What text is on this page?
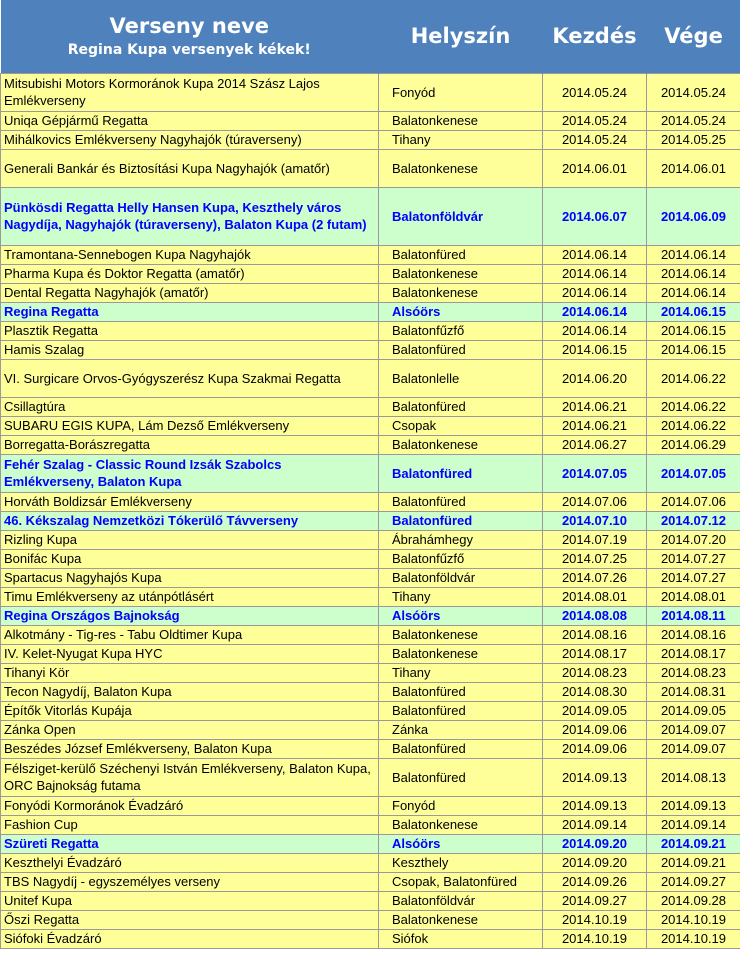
Verseny neve
Regina Kupa versenyek kékek!	Helyszín	Kezdés	Vége
Mitsubishi Motors Kormoránok Kupa 2014 Szász Lajos Emlékverseny	Fonyód	2014.05.24	2014.05.24
Uniqa Gépjármű Regatta	Balatonkenese	2014.05.24	2014.05.24
Mihálkovics Emlékverseny Nagyhajók (túraverseny)	Tihany	2014.05.24	2014.05.25
Generali Bankár és Biztosítási Kupa Nagyhajók (amatőr)	Balatonkenese	2014.06.01	2014.06.01
Pünkösdi Regatta Helly Hansen Kupa, Keszthely város Nagydíja, Nagyhajók (túraverseny), Balaton Kupa (2 futam)	Balatonföldvár	2014.06.07	2014.06.09
Tramontana-Sennebogen Kupa Nagyhajók	Balatonfüred	2014.06.14	2014.06.14
Pharma Kupa és Doktor Regatta (amatőr)	Balatonkenese	2014.06.14	2014.06.14
Dental Regatta Nagyhajók (amatőr)	Balatonkenese	2014.06.14	2014.06.14
Regina Regatta	Alsóörs	2014.06.14	2014.06.15
Plasztik Regatta	Balatonfűzfő	2014.06.14	2014.06.15
Hamis Szalag	Balatonfüred	2014.06.15	2014.06.15
VI. Surgicare Orvos-Gyógyszerész Kupa Szakmai Regatta	Balatonlelle	2014.06.20	2014.06.22
Csillagtúra	Balatonfüred	2014.06.21	2014.06.22
SUBARU EGIS KUPA, Lám Dezső Emlékverseny	Csopak	2014.06.21	2014.06.22
Borregatta-Borászregatta	Balatonkenese	2014.06.27	2014.06.29
Fehér Szalag - Classic Round Izsák Szabolcs Emlékverseny, Balaton Kupa	Balatonfüred	2014.07.05	2014.07.05
Horváth Boldizsár Emlékverseny	Balatonfüred	2014.07.06	2014.07.06
46. Kékszalag Nemzetközi Tókerülő Távverseny	Balatonfüred	2014.07.10	2014.07.12
Rizling Kupa	Ábrahámhegy	2014.07.19	2014.07.20
Bonifác Kupa	Balatonfűzfő	2014.07.25	2014.07.27
Spartacus Nagyhajós Kupa	Balatonföldvár	2014.07.26	2014.07.27
Timu Emlékverseny az utánpótlásért	Tihany	2014.08.01	2014.08.01
Regina Országos Bajnokság	Alsóörs	2014.08.08	2014.08.11
Alkotmány - Tig-res - Tabu Oldtimer Kupa	Balatonkenese	2014.08.16	2014.08.16
IV. Kelet-Nyugat Kupa HYC	Balatonkenese	2014.08.17	2014.08.17
Tihanyi Kör	Tihany	2014.08.23	2014.08.23
Tecon Nagydíj, Balaton Kupa	Balatonfüred	2014.08.30	2014.08.31
Építők Vitorlás Kupája	Balatonfüred	2014.09.05	2014.09.05
Zánka Open	Zánka	2014.09.06	2014.09.07
Beszédes József Emlékverseny, Balaton Kupa	Balatonfüred	2014.09.06	2014.09.07
Félsziget-kerülő Széchenyi István Emlékverseny, Balaton Kupa, ORC Bajnokság futama	Balatonfüred	2014.09.13	2014.08.13
Fonyódi Kormoránok Évadzáró	Fonyód	2014.09.13	2014.09.13
Fashion Cup	Balatonkenese	2014.09.14	2014.09.14
Szüreti Regatta	Alsóörs	2014.09.20	2014.09.21
Keszthelyi Évadzáró	Keszthely	2014.09.20	2014.09.21
TBS Nagydíj - egyszemélyes verseny	Csopak, Balatonfüred	2014.09.26	2014.09.27
Unitef Kupa	Balatonföldvár	2014.09.27	2014.09.28
Őszi Regatta	Balatonkenese	2014.10.19	2014.10.19
Siófoki Évadzáró	Siófok	2014.10.19	2014.10.19
